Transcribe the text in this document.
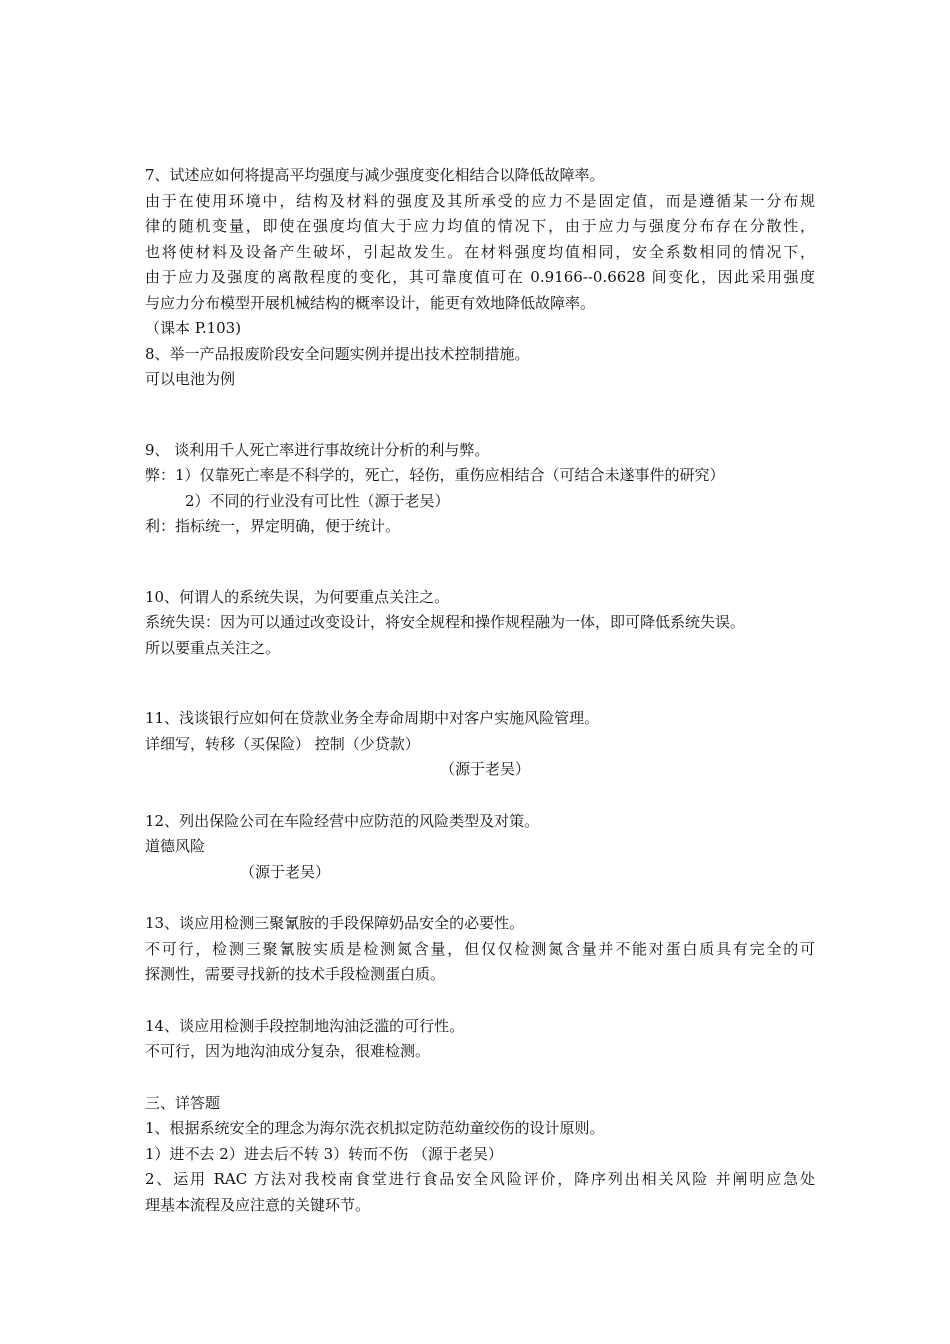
7、试述应如何将提高平均强度与减少强度变化相结合以降低故障率。
由于在使用环境中，结构及材料的强度及其所承受的应力不是固定值，而是遵循某一分布规
律的随机变量，即使在强度均值大于应力均值的情况下，由于应力与强度分布存在分散性，
也将使材料及设备产生破坏，引起故发生。在材料强度均值相同，安全系数相同的情况下，
由于应力及强度的离散程度的变化，其可靠度值可在 0.9166--0.6628 间变化，因此采用强度
与应力分布模型开展机械结构的概率设计，能更有效地降低故障率。
（课本 P.103)
8、举一产品报废阶段安全问题实例并提出技术控制措施。
可以电池为例
9、 谈利用千人死亡率进行事故统计分析的利与弊。
弊：1）仅靠死亡率是不科学的，死亡，轻伤，重伤应相结合（可结合未遂事件的研究）
2）不同的行业没有可比性（源于老吴）
利：指标统一，界定明确，便于统计。
10、何谓人的系统失误，为何要重点关注之。
系统失误：因为可以通过改变设计，将安全规程和操作规程融为一体，即可降低系统失误。
所以要重点关注之。
11、浅谈银行应如何在贷款业务全寿命周期中对客户实施风险管理。
详细写，转移（买保险） 控制（少贷款）
（源于老吴）
12、列出保险公司在车险经营中应防范的风险类型及对策。
道德风险
（源于老吴）
13、谈应用检测三聚氰胺的手段保障奶品安全的必要性。
不可行，检测三聚氰胺实质是检测氮含量，但仅仅检测氮含量并不能对蛋白质具有完全的可
探测性，需要寻找新的技术手段检测蛋白质。
14、谈应用检测手段控制地沟油泛滥的可行性。
不可行，因为地沟油成分复杂，很难检测。
三、详答题
1、根据系统安全的理念为海尔洗衣机拟定防范幼童绞伤的设计原则。
1）进不去 2）进去后不转 3）转而不伤 （源于老吴）
2、运用 RAC 方法对我校南食堂进行食品安全风险评价，降序列出相关风险 并阐明应急处
理基本流程及应注意的关键环节。
